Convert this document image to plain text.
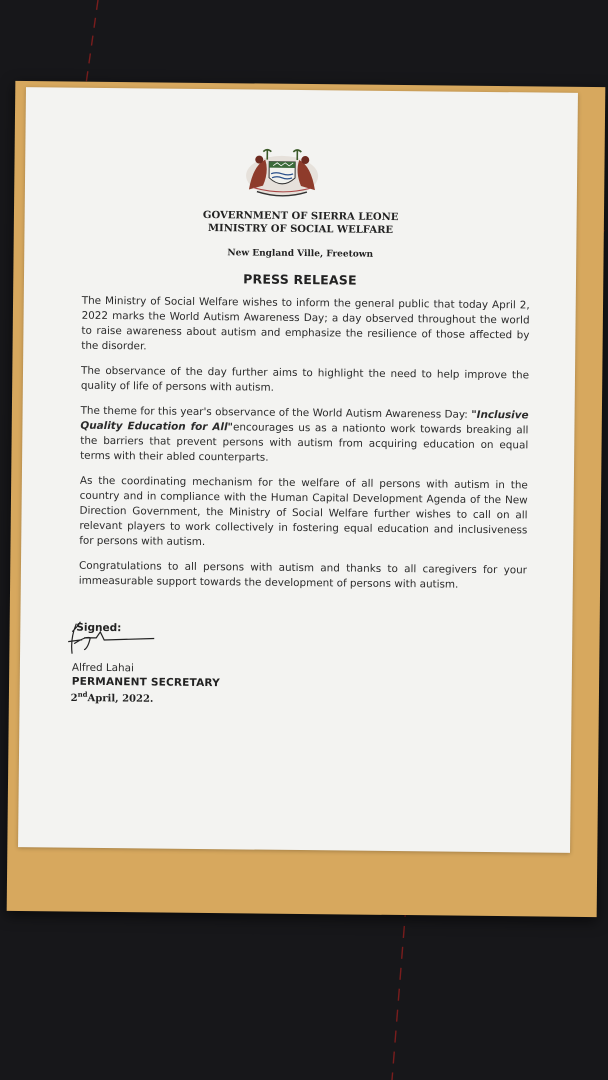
GOVERNMENT OF SIERRA LEONE
MINISTRY OF SOCIAL WELFARE
New England Ville, Freetown
PRESS RELEASE

The Ministry of Social Welfare wishes to inform the general public that today April 2, 2022 marks the World Autism Awareness Day; a day observed throughout the world to raise awareness about autism and emphasize the resilience of those affected by the disorder.

The observance of the day further aims to highlight the need to help improve the quality of life of persons with autism.

The theme for this year's observance of the World Autism Awareness Day: "Inclusive Quality Education for All"encourages us as a nationto work towards breaking all the barriers that prevent persons with autism from acquiring education on equal terms with their abled counterparts.

As the coordinating mechanism for the welfare of all persons with autism in the country and in compliance with the Human Capital Development Agenda of the New Direction Government, the Ministry of Social Welfare further wishes to call on all relevant players to work collectively in fostering equal education and inclusiveness for persons with autism.

Congratulations to all persons with autism and thanks to all caregivers for your immeasurable support towards the development of persons with autism.

Signed:
Alfred Lahai
PERMANENT SECRETARY
2ndApril, 2022.
